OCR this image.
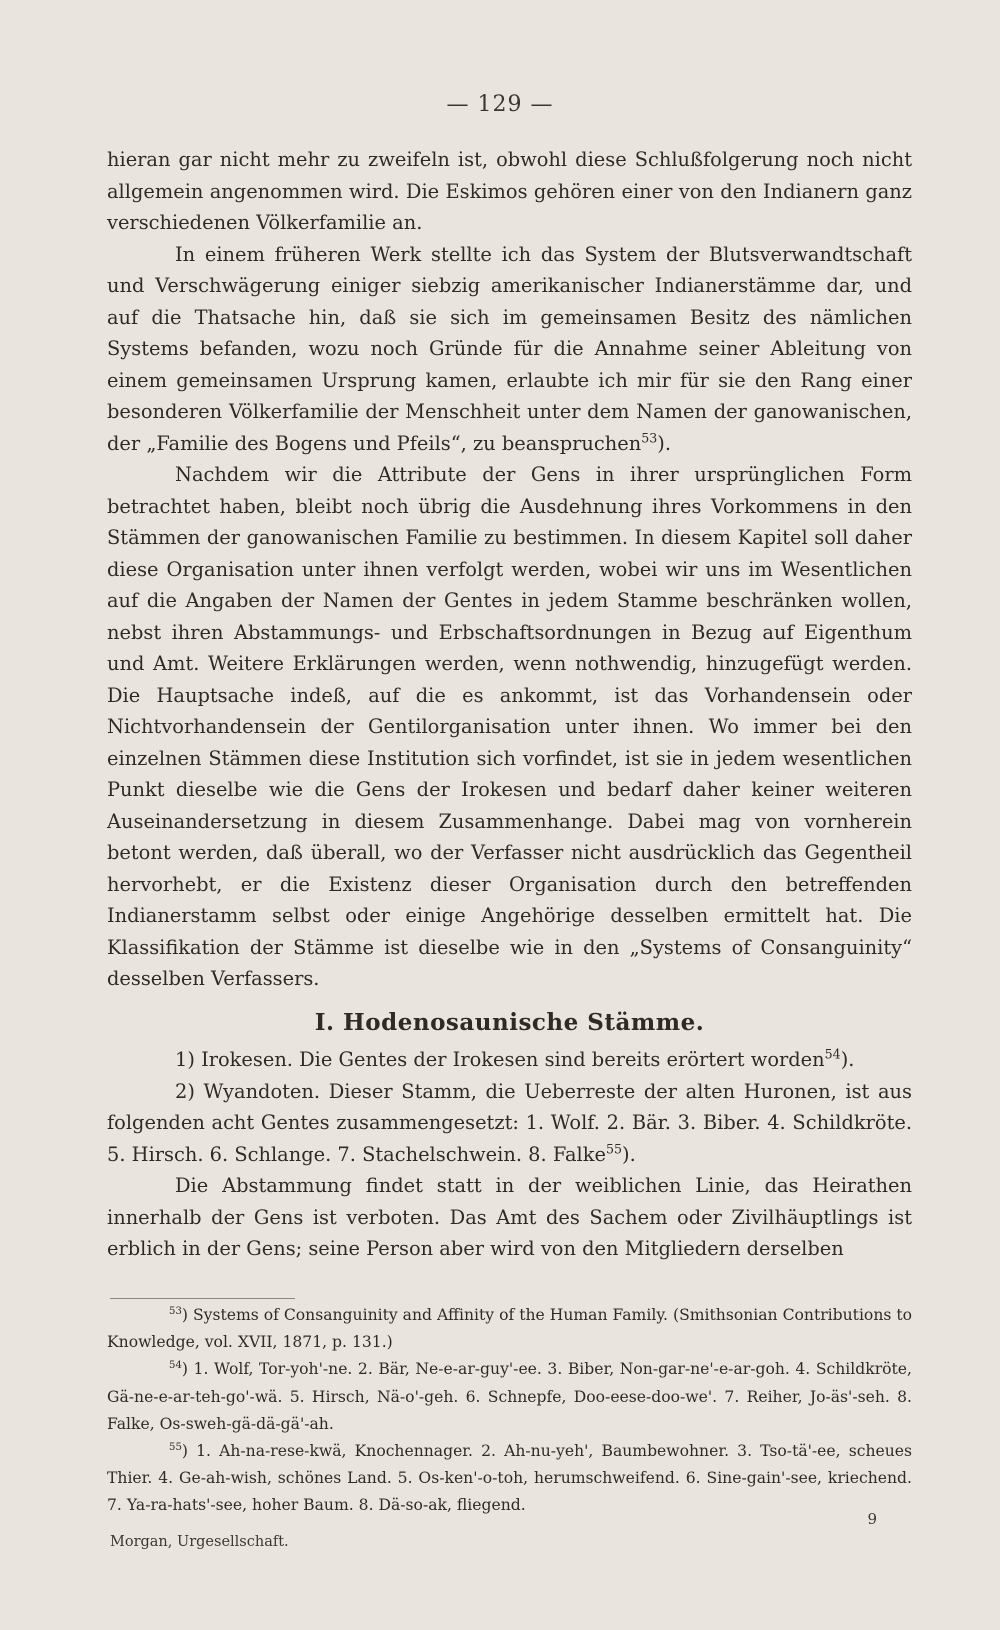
— 129 —

hieran gar nicht mehr zu zweifeln ist, obwohl diese Schlußfolgerung noch nicht allgemein angenommen wird. Die Eskimos gehören einer von den Indianern ganz verschiedenen Völkerfamilie an.

In einem früheren Werk stellte ich das System der Blutsverwandtschaft und Verschwägerung einiger siebzig amerikanischer Indianerstämme dar, und auf die Thatsache hin, daß sie sich im gemeinsamen Besitz des nämlichen Systems befanden, wozu noch Gründe für die Annahme seiner Ableitung von einem gemeinsamen Ursprung kamen, erlaubte ich mir für sie den Rang einer besonderen Völkerfamilie der Menschheit unter dem Namen der ganowanischen, der „Familie des Bogens und Pfeils“, zu beanspruchen$^{53}$).

Nachdem wir die Attribute der Gens in ihrer ursprünglichen Form betrachtet haben, bleibt noch übrig die Ausdehnung ihres Vorkommens in den Stämmen der ganowanischen Familie zu bestimmen. In diesem Kapitel soll daher diese Organisation unter ihnen verfolgt werden, wobei wir uns im Wesentlichen auf die Angaben der Namen der Gentes in jedem Stamme beschränken wollen, nebst ihren Abstammungs- und Erbschaftsordnungen in Bezug auf Eigenthum und Amt. Weitere Erklärungen werden, wenn nothwendig, hinzugefügt werden. Die Hauptsache indeß, auf die es ankommt, ist das Vorhandensein oder Nichtvorhandensein der Gentilorganisation unter ihnen. Wo immer bei den einzelnen Stämmen diese Institution sich vorfindet, ist sie in jedem wesentlichen Punkt dieselbe wie die Gens der Irokesen und bedarf daher keiner weiteren Auseinandersetzung in diesem Zusammenhange. Dabei mag von vornherein betont werden, daß überall, wo der Verfasser nicht ausdrücklich das Gegentheil hervorhebt, er die Existenz dieser Organisation durch den betreffenden Indianerstamm selbst oder einige Angehörige desselben ermittelt hat. Die Klassifikation der Stämme ist dieselbe wie in den „Systems of Consanguinity“ desselben Verfassers.

I. Hodenosaunische Stämme.

1) Irokesen. Die Gentes der Irokesen sind bereits erörtert worden$^{54}$).

2) Wyandoten. Dieser Stamm, die Ueberreste der alten Huronen, ist aus folgenden acht Gentes zusammengesetzt: 1. Wolf. 2. Bär. 3. Biber. 4. Schildkröte. 5. Hirsch. 6. Schlange. 7. Stachelschwein. 8. Falke$^{55}$).

Die Abstammung findet statt in der weiblichen Linie, das Heirathen innerhalb der Gens ist verboten. Das Amt des Sachem oder Zivilhäuptlings ist erblich in der Gens; seine Person aber wird von den Mitgliedern derselben

$^{53}$) Systems of Consanguinity and Affinity of the Human Family. (Smithsonian Contributions to Knowledge, vol. XVII, 1871, p. 131.)

$^{54}$) 1. Wolf, Tor-yoh'-ne. 2. Bär, Ne-e-ar-guy'-ee. 3. Biber, Non-gar-ne'-e-ar-goh. 4. Schildkröte, Gä-ne-e-ar-teh-go'-wä. 5. Hirsch, Nä-o'-geh. 6. Schnepfe, Doo-eese-doo-we'. 7. Reiher, Jo-äs'-seh. 8. Falke, Os-sweh-gä-dä-gä'-ah.

$^{55}$) 1. Ah-na-rese-kwä, Knochennager. 2. Ah-nu-yeh', Baumbewohner. 3. Tso-tä'-ee, scheues Thier. 4. Ge-ah-wish, schönes Land. 5. Os-ken'-o-toh, herumschweifend. 6. Sine-gain'-see, kriechend. 7. Ya-ra-hats'-see, hoher Baum. 8. Dä-so-ak, fliegend.

9
Morgan, Urgesellschaft.
